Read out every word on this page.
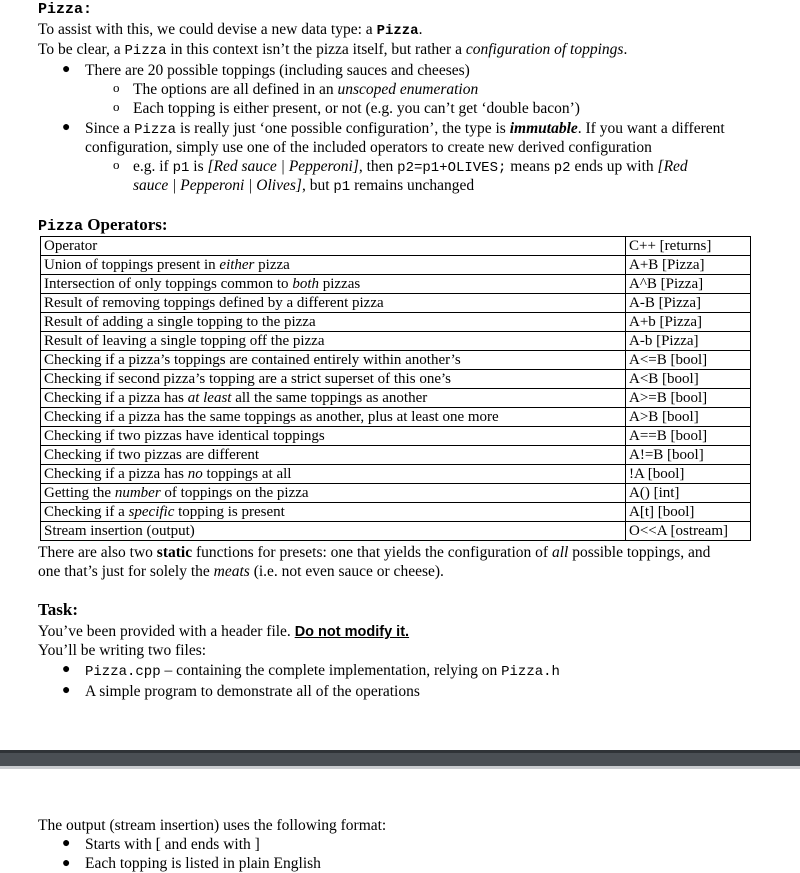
Pizza:
To assist with this, we could devise a new data type: a Pizza.
To be clear, a Pizza in this context isn’t the pizza itself, but rather a configuration of toppings.
● There are 20 possible toppings (including sauces and cheeses)
o The options are all defined in an unscoped enumeration
o Each topping is either present, or not (e.g. you can’t get ‘double bacon’)
● Since a Pizza is really just ‘one possible configuration’, the type is immutable. If you want a different
configuration, simply use one of the included operators to create new derived configuration
o e.g. if p1 is [Red sauce | Pepperoni], then p2=p1+OLIVES; means p2 ends up with [Red
sauce | Pepperoni | Olives], but p1 remains unchanged
Pizza Operators:
Operator	C++ [returns]
Union of toppings present in either pizza	A+B [Pizza]
Intersection of only toppings common to both pizzas	A^B [Pizza]
Result of removing toppings defined by a different pizza	A-B [Pizza]
Result of adding a single topping to the pizza	A+b [Pizza]
Result of leaving a single topping off the pizza	A-b [Pizza]
Checking if a pizza’s toppings are contained entirely within another’s	A<=B [bool]
Checking if second pizza’s topping are a strict superset of this one’s	A<B [bool]
Checking if a pizza has at least all the same toppings as another	A>=B [bool]
Checking if a pizza has the same toppings as another, plus at least one more	A>B [bool]
Checking if two pizzas have identical toppings	A==B [bool]
Checking if two pizzas are different	A!=B [bool]
Checking if a pizza has no toppings at all	!A [bool]
Getting the number of toppings on the pizza	A() [int]
Checking if a specific topping is present	A[t] [bool]
Stream insertion (output)	O<<A [ostream]
There are also two static functions for presets: one that yields the configuration of all possible toppings, and
one that’s just for solely the meats (i.e. not even sauce or cheese).
Task:
You’ve been provided with a header file. Do not modify it.
You’ll be writing two files:
● Pizza.cpp – containing the complete implementation, relying on Pizza.h
● A simple program to demonstrate all of the operations
The output (stream insertion) uses the following format:
● Starts with [ and ends with ]
● Each topping is listed in plain English
